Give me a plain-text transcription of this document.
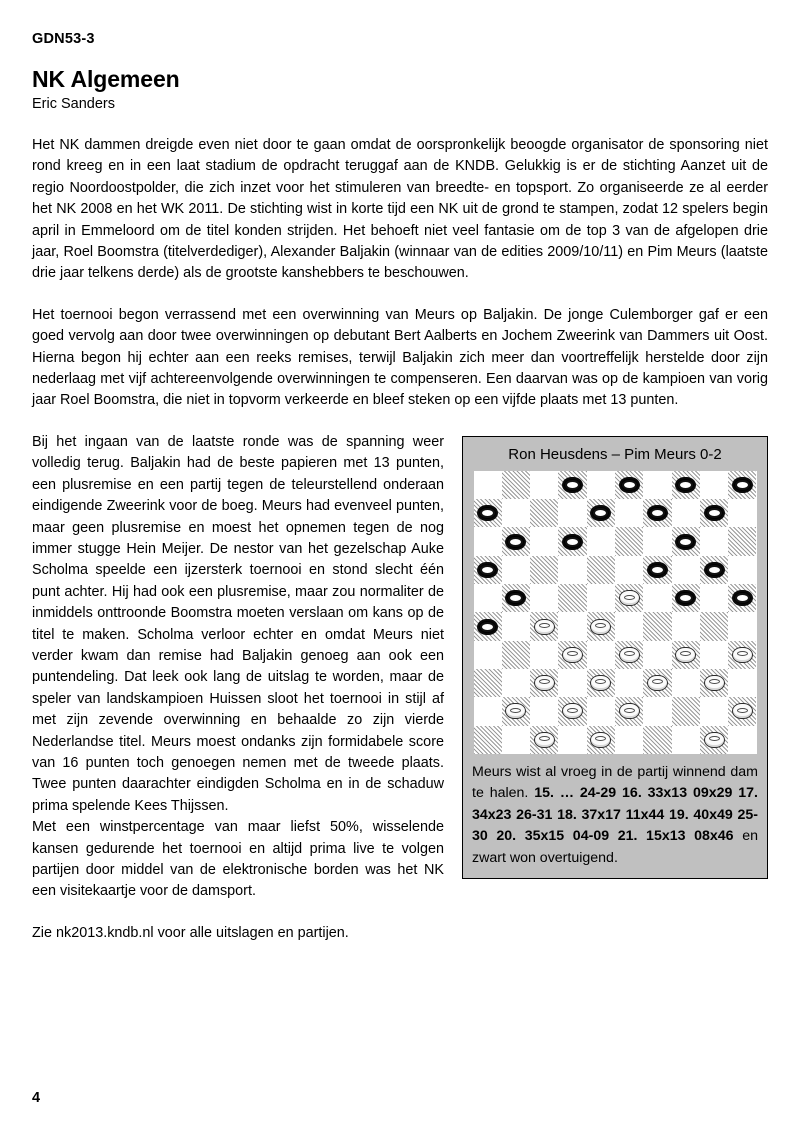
GDN53-3
NK Algemeen
Eric Sanders

Het NK dammen dreigde even niet door te gaan omdat de oorspronkelijk beoogde organisator de sponsoring niet rond kreeg en in een laat stadium de opdracht teruggaf aan de KNDB. Gelukkig is er de stichting Aanzet uit de regio Noordoostpolder, die zich inzet voor het stimuleren van breedte- en topsport. Zo organiseerde ze al eerder het NK 2008 en het WK 2011. De stichting wist in korte tijd een NK uit de grond te stampen, zodat 12 spelers begin april in Emmeloord om de titel konden strijden. Het behoeft niet veel fantasie om de top 3 van de afgelopen drie jaar, Roel Boomstra (titelverdediger), Alexander Baljakin (winnaar van de edities 2009/10/11) en Pim Meurs (laatste drie jaar telkens derde) als de grootste kanshebbers te beschouwen.

Het toernooi begon verrassend met een overwinning van Meurs op Baljakin. De jonge Culemborger gaf er een goed vervolg aan door twee overwinningen op debutant Bert Aalberts en Jochem Zweerink van Dammers uit Oost. Hierna begon hij echter aan een reeks remises, terwijl Baljakin zich meer dan voortreffelijk herstelde door zijn nederlaag met vijf achtereenvolgende overwinningen te compenseren. Een daarvan was op de kampioen van vorig jaar Roel Boomstra, die niet in topvorm verkeerde en bleef steken op een vijfde plaats met 13 punten.

Ron Heusdens – Pim Meurs 0-2
Meurs wist al vroeg in de partij winnend dam te halen. 15. … 24-29 16. 33x13 09x29 17. 34x23 26-31 18. 37x17 11x44 19. 40x49 25-30 20. 35x15 04-09 21. 15x13 08x46 en zwart won overtuigend.

Bij het ingaan van de laatste ronde was de spanning weer volledig terug. Baljakin had de beste papieren met 13 punten, een plusremise en een partij tegen de teleurstellend onderaan eindigende Zweerink voor de boeg. Meurs had evenveel punten, maar geen plusremise en moest het opnemen tegen de nog immer stugge Hein Meijer. De nestor van het gezelschap Auke Scholma speelde een ijzersterk toernooi en stond slecht één punt achter. Hij had ook een plusremise, maar zou normaliter de inmiddels onttroonde Boomstra moeten verslaan om kans op de titel te maken. Scholma verloor echter en omdat Meurs niet verder kwam dan remise had Baljakin genoeg aan ook een puntendeling. Dat leek ook lang de uitslag te worden, maar de speler van landskampioen Huissen sloot het toernooi in stijl af met zijn zevende overwinning en behaalde zo zijn vierde Nederlandse titel. Meurs moest ondanks zijn formidabele score van 16 punten toch genoegen nemen met de tweede plaats. Twee punten daarachter eindigden Scholma en in de schaduw prima spelende Kees Thijssen.

Met een winstpercentage van maar liefst 50%, wisselende kansen gedurende het toernooi en altijd prima live te volgen partijen door middel van de elektronische borden was het NK een visitekaartje voor de damsport.

Zie nk2013.kndb.nl voor alle uitslagen en partijen.

4
